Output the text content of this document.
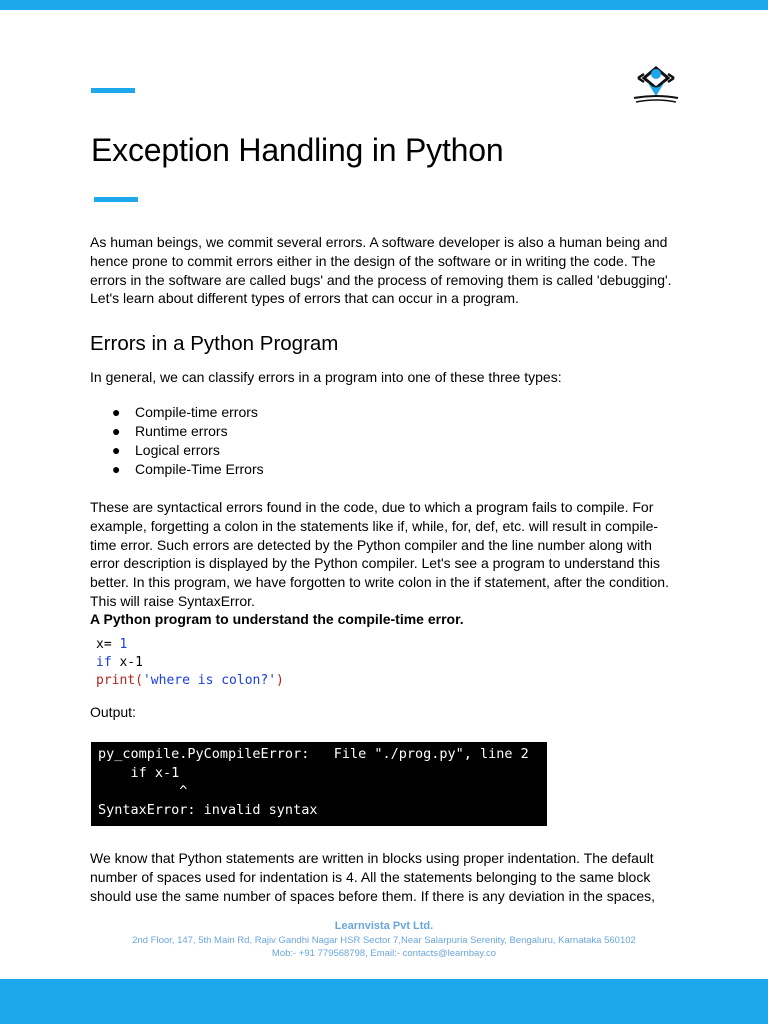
Exception Handling in Python

As human beings, we commit several errors. A software developer is also a human being and hence prone to commit errors either in the design of the software or in writing the code. The errors in the software are called bugs' and the process of removing them is called 'debugging'. Let's learn about different types of errors that can occur in a program.

Errors in a Python Program

In general, we can classify errors in a program into one of these three types:

● Compile-time errors
● Runtime errors
● Logical errors
● Compile-Time Errors

These are syntactical errors found in the code, due to which a program fails to compile. For example, forgetting a colon in the statements like if, while, for, def, etc. will result in compile-time error. Such errors are detected by the Python compiler and the line number along with error description is displayed by the Python compiler. Let's see a program to understand this better. In this program, we have forgotten to write colon in the if statement, after the condition. This will raise SyntaxError.

A Python program to understand the compile-time error.

x= 1
if x-1
print('where is colon?')

Output:

py_compile.PyCompileError:   File "./prog.py", line 2
if x-1
^
SyntaxError: invalid syntax

We know that Python statements are written in blocks using proper indentation. The default number of spaces used for indentation is 4. All the statements belonging to the same block should use the same number of spaces before them. If there is any deviation in the spaces,

Learnvista Pvt Ltd.

2nd Floor, 147, 5th Main Rd, Rajiv Gandhi Nagar HSR Sector 7,Near Salarpuria Serenity, Bengaluru, Karnataka 560102

Mob:- +91 779568798, Email:- contacts@learnbay.co
